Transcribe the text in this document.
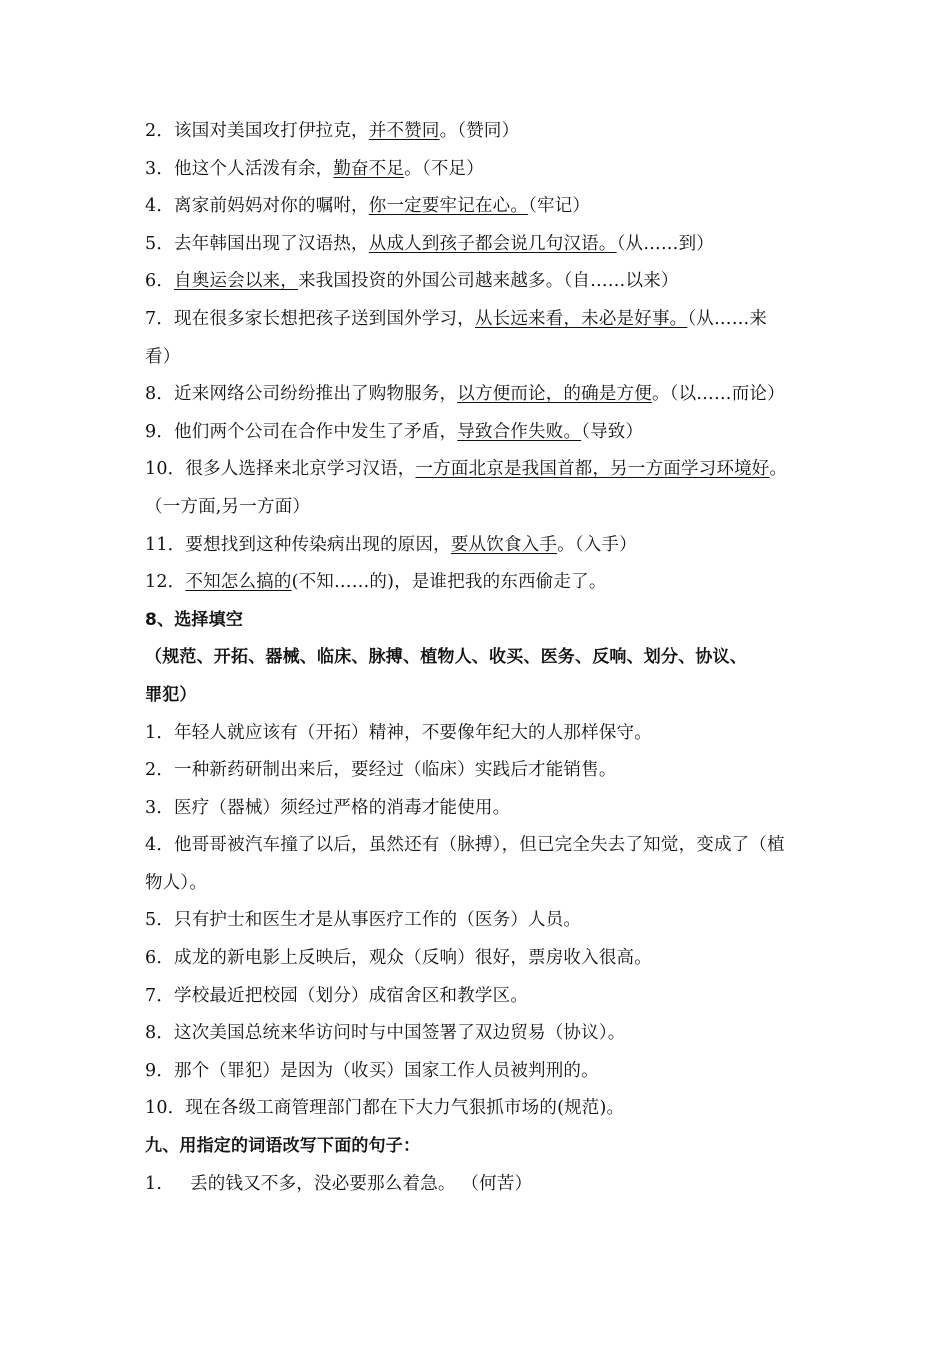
2．该国对美国攻打伊拉克，并不赞同。（赞同）
3．他这个人活泼有余，勤奋不足。（不足）
4．离家前妈妈对你的嘱咐，你一定要牢记在心。（牢记）
5．去年韩国出现了汉语热，从成人到孩子都会说几句汉语。（从……到）
6．自奥运会以来，来我国投资的外国公司越来越多。（自……以来）
7．现在很多家长想把孩子送到国外学习，从长远来看，未必是好事。（从……来
看）
8．近来网络公司纷纷推出了购物服务，以方便而论，的确是方便。（以……而论）
9．他们两个公司在合作中发生了矛盾，导致合作失败。（导致）
10．很多人选择来北京学习汉语，一方面北京是我国首都，另一方面学习环境好。
（一方面,另一方面）
11．要想找到这种传染病出现的原因，要从饮食入手。（入手）
12．不知怎么搞的(不知……的)，是谁把我的东西偷走了。
8、选择填空
（规范、开拓、器械、临床、脉搏、植物人、收买、医务、反响、划分、协议、
罪犯）
1．年轻人就应该有（开拓）精神，不要像年纪大的人那样保守。
2．一种新药研制出来后，要经过（临床）实践后才能销售。
3．医疗（器械）须经过严格的消毒才能使用。
4．他哥哥被汽车撞了以后，虽然还有（脉搏），但已完全失去了知觉，变成了（植
物人）。
5．只有护士和医生才是从事医疗工作的（医务）人员。
6．成龙的新电影上反映后，观众（反响）很好，票房收入很高。
7．学校最近把校园（划分）成宿舍区和教学区。
8．这次美国总统来华访问时与中国签署了双边贸易（协议）。
9．那个（罪犯）是因为（收买）国家工作人员被判刑的。
10．现在各级工商管理部门都在下大力气狠抓市场的(规范)。
九、用指定的词语改写下面的句子：
1. 丢的钱又不多，没必要那么着急。 （何苦）
